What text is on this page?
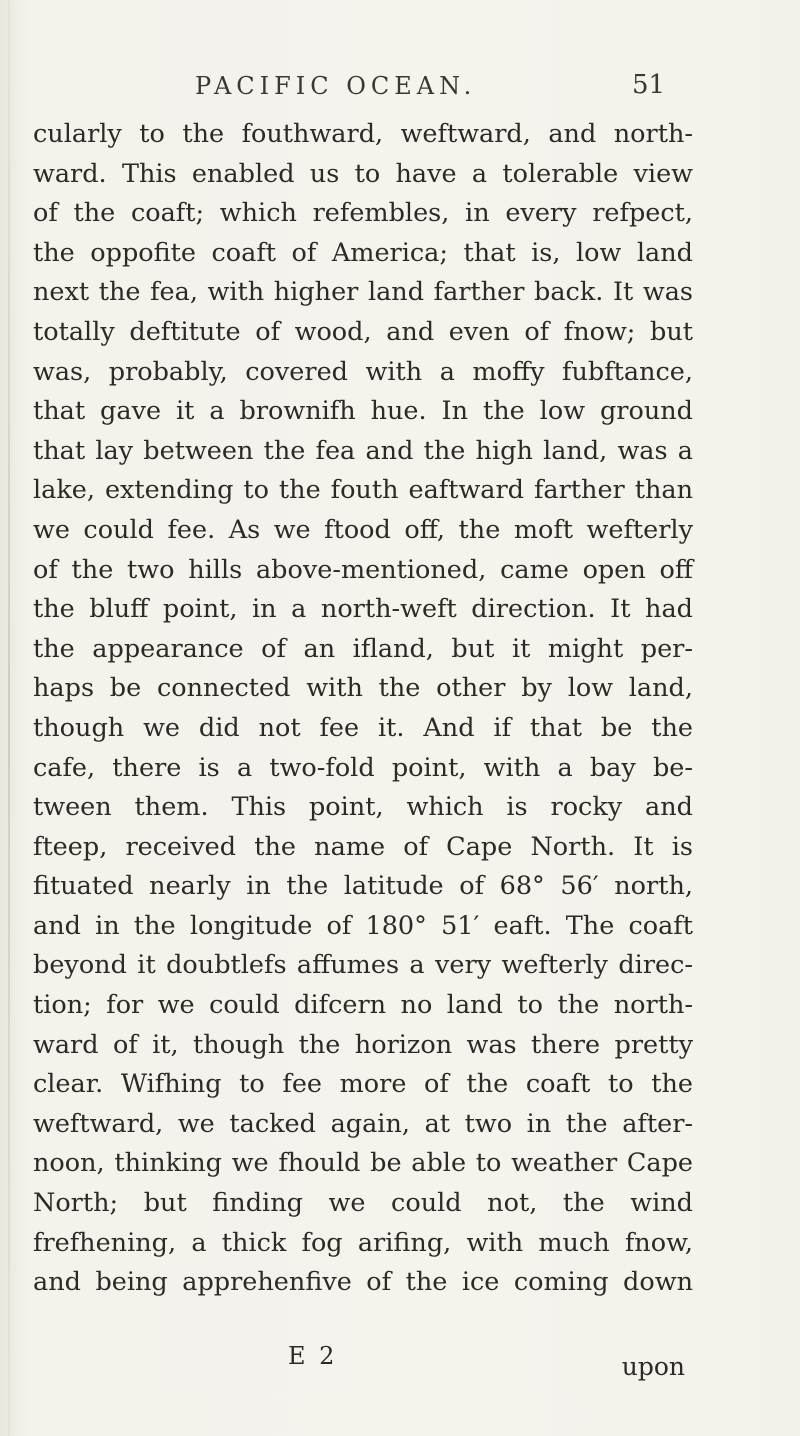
PACIFIC OCEAN.	51
cularly to the fouthward, weftward, and north-
ward. This enabled us to have a tolerable view
of the coaft; which refembles, in every refpect,
the oppofite coaft of America; that is, low land
next the fea, with higher land farther back. It was
totally deftitute of wood, and even of fnow; but
was, probably, covered with a moffy fubftance,
that gave it a brownifh hue. In the low ground
that lay between the fea and the high land, was a
lake, extending to the fouth eaftward farther than
we could fee. As we ftood off, the moft wefterly
of the two hills above-mentioned, came open off
the bluff point, in a north-weft direction. It had
the appearance of an ifland, but it might per-
haps be connected with the other by low land,
though we did not fee it. And if that be the
cafe, there is a two-fold point, with a bay be-
tween them. This point, which is rocky and
fteep, received the name of Cape North. It is
fituated nearly in the latitude of 68° 56′ north,
and in the longitude of 180° 51′ eaft. The coaft
beyond it doubtlefs affumes a very wefterly direc-
tion; for we could difcern no land to the north-
ward of it, though the horizon was there pretty
clear. Wifhing to fee more of the coaft to the
weftward, we tacked again, at two in the after-
noon, thinking we fhould be able to weather Cape
North; but finding we could not, the wind
frefhening, a thick fog arifing, with much fnow,
and being apprehenfive of the ice coming down
E 2	upon
